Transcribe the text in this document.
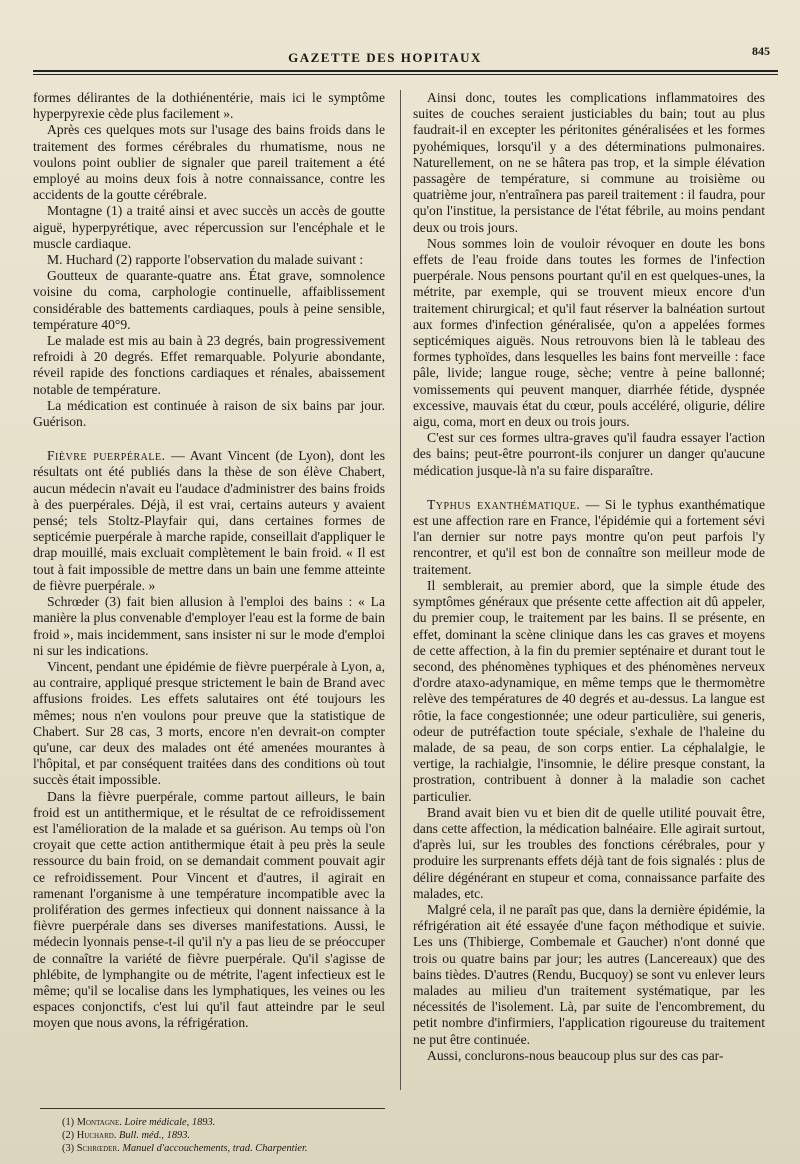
GAZETTE DES HOPITAUX	845

formes délirantes de la dothiénentérie, mais ici le symptôme hyperpyrexie cède plus facilement ».

Après ces quelques mots sur l'usage des bains froids dans le traitement des formes cérébrales du rhumatisme, nous ne voulons point oublier de signaler que pareil traitement a été employé au moins deux fois à notre connaissance, contre les accidents de la goutte cérébrale.

Montagne (1) a traité ainsi et avec succès un accès de goutte aiguë, hyperpyrétique, avec répercussion sur l'encéphale et le muscle cardiaque.

M. Huchard (2) rapporte l'observation du malade suivant :

Goutteux de quarante-quatre ans. État grave, somnolence voisine du coma, carphologie continuelle, affaiblissement considérable des battements cardiaques, pouls à peine sensible, température 40°9.

Le malade est mis au bain à 23 degrés, bain progressivement refroidi à 20 degrés. Effet remarquable. Polyurie abondante, réveil rapide des fonctions cardiaques et rénales, abaissement notable de température.

La médication est continuée à raison de six bains par jour. Guérison.

Fièvre puerpérale. — Avant Vincent (de Lyon), dont les résultats ont été publiés dans la thèse de son élève Chabert, aucun médecin n'avait eu l'audace d'administrer des bains froids à des puerpérales. Déjà, il est vrai, certains auteurs y avaient pensé; tels Stoltz-Playfair qui, dans certaines formes de septicémie puerpérale à marche rapide, conseillait d'appliquer le drap mouillé, mais excluait complètement le bain froid. « Il est tout à fait impossible de mettre dans un bain une femme atteinte de fièvre puerpérale. »

Schrœder (3) fait bien allusion à l'emploi des bains : « La manière la plus convenable d'employer l'eau est la forme de bain froid », mais incidemment, sans insister ni sur le mode d'emploi ni sur les indications.

Vincent, pendant une épidémie de fièvre puerpérale à Lyon, a, au contraire, appliqué presque strictement le bain de Brand avec affusions froides. Les effets salutaires ont été toujours les mêmes; nous n'en voulons pour preuve que la statistique de Chabert. Sur 28 cas, 3 morts, encore n'en devrait-on compter qu'une, car deux des malades ont été amenées mourantes à l'hôpital, et par conséquent traitées dans des conditions où tout succès était impossible.

Dans la fièvre puerpérale, comme partout ailleurs, le bain froid est un antithermique, et le résultat de ce refroidissement est l'amélioration de la malade et sa guérison. Au temps où l'on croyait que cette action antithermique était à peu près la seule ressource du bain froid, on se demandait comment pouvait agir ce refroidissement. Pour Vincent et d'autres, il agirait en ramenant l'organisme à une température incompatible avec la prolifération des germes infectieux qui donnent naissance à la fièvre puerpérale dans ses diverses manifestations. Aussi, le médecin lyonnais pense-t-il qu'il n'y a pas lieu de se préoccuper de connaître la variété de fièvre puerpérale. Qu'il s'agisse de phlébite, de lymphangite ou de métrite, l'agent infectieux est le même; qu'il se localise dans les lymphatiques, les veines ou les espaces conjonctifs, c'est lui qu'il faut atteindre par le seul moyen que nous avons, la réfrigération.

Ainsi donc, toutes les complications inflammatoires des suites de couches seraient justiciables du bain; tout au plus faudrait-il en excepter les péritonites généralisées et les formes pyohémiques, lorsqu'il y a des déterminations pulmonaires. Naturellement, on ne se hâtera pas trop, et la simple élévation passagère de température, si commune au troisième ou quatrième jour, n'entraînera pas pareil traitement : il faudra, pour qu'on l'institue, la persistance de l'état fébrile, au moins pendant deux ou trois jours.

Nous sommes loin de vouloir révoquer en doute les bons effets de l'eau froide dans toutes les formes de l'infection puerpérale. Nous pensons pourtant qu'il en est quelques-unes, la métrite, par exemple, qui se trouvent mieux encore d'un traitement chirurgical; et qu'il faut réserver la balnéation surtout aux formes d'infection généralisée, qu'on a appelées formes septicémiques aiguës. Nous retrouvons bien là le tableau des formes typhoïdes, dans lesquelles les bains font merveille : face pâle, livide; langue rouge, sèche; ventre à peine ballonné; vomissements qui peuvent manquer, diarrhée fétide, dyspnée excessive, mauvais état du cœur, pouls accéléré, oligurie, délire aigu, coma, mort en deux ou trois jours.

C'est sur ces formes ultra-graves qu'il faudra essayer l'action des bains; peut-être pourront-ils conjurer un danger qu'aucune médication jusque-là n'a su faire disparaître.

Typhus exanthématique. — Si le typhus exanthématique est une affection rare en France, l'épidémie qui a fortement sévi l'an dernier sur notre pays montre qu'on peut parfois l'y rencontrer, et qu'il est bon de connaître son meilleur mode de traitement.

Il semblerait, au premier abord, que la simple étude des symptômes généraux que présente cette affection ait dû appeler, du premier coup, le traitement par les bains. Il se présente, en effet, dominant la scène clinique dans les cas graves et moyens de cette affection, à la fin du premier septénaire et durant tout le second, des phénomènes typhiques et des phénomènes nerveux d'ordre ataxo-adynamique, en même temps que le thermomètre relève des températures de 40 degrés et au-dessus. La langue est rôtie, la face congestionnée; une odeur particulière, sui generis, odeur de putréfaction toute spéciale, s'exhale de l'haleine du malade, de sa peau, de son corps entier. La céphalalgie, le vertige, la rachialgie, l'insomnie, le délire presque constant, la prostration, contribuent à donner à la maladie son cachet particulier.

Brand avait bien vu et bien dit de quelle utilité pouvait être, dans cette affection, la médication balnéaire. Elle agirait surtout, d'après lui, sur les troubles des fonctions cérébrales, pour y produire les surprenants effets déjà tant de fois signalés : plus de délire dégénérant en stupeur et coma, connaissance parfaite des malades, etc.

Malgré cela, il ne paraît pas que, dans la dernière épidémie, la réfrigération ait été essayée d'une façon méthodique et suivie. Les uns (Thibierge, Combemale et Gaucher) n'ont donné que trois ou quatre bains par jour; les autres (Lancereaux) que des bains tièdes. D'autres (Rendu, Bucquoy) se sont vu enlever leurs malades au milieu d'un traitement systématique, par les nécessités de l'isolement. Là, par suite de l'encombrement, du petit nombre d'infirmiers, l'application rigoureuse du traitement ne put être continuée.

Aussi, conclurons-nous beaucoup plus sur des cas par-

(1) Montagne. Loire médicale, 1893.
(2) Huchard. Bull. méd., 1893.
(3) Schrœder. Manuel d'accouchements, trad. Charpentier.
